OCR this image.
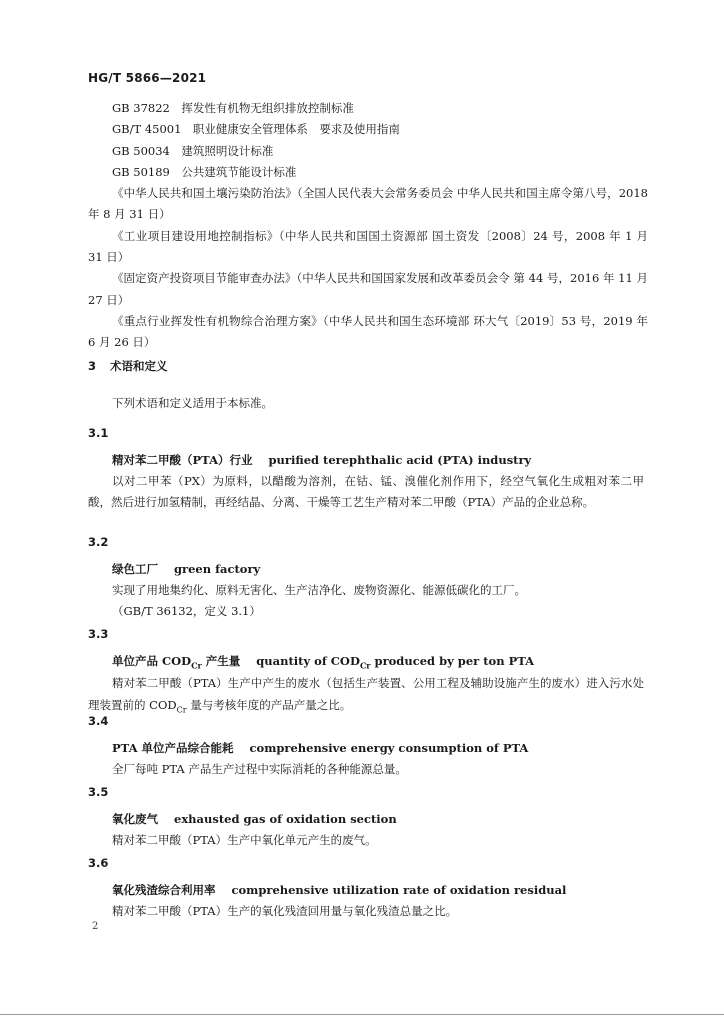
HG/T 5866—2021
GB 37822　挥发性有机物无组织排放控制标准
GB/T 45001　职业健康安全管理体系　要求及使用指南
GB 50034　建筑照明设计标准
GB 50189　公共建筑节能设计标准
《中华人民共和国土壤污染防治法》（全国人民代表大会常务委员会 中华人民共和国主席令第八号，2018 年 8 月 31 日）
《工业项目建设用地控制指标》（中华人民共和国国土资源部 国土资发〔2008〕24 号，2008 年 1 月 31 日）
《固定资产投资项目节能审查办法》（中华人民共和国国家发展和改革委员会令 第 44 号，2016 年 11 月 27 日）
《重点行业挥发性有机物综合治理方案》（中华人民共和国生态环境部 环大气〔2019〕53 号，2019 年 6 月 26 日）
3 术语和定义
下列术语和定义适用于本标准。
3.1
精对苯二甲酸（PTA）行业 purified terephthalic acid (PTA) industry
以对二甲苯（PX）为原料，以醋酸为溶剂，在钴、锰、溴催化剂作用下，经空气氧化生成粗对苯二甲酸，然后进行加氢精制，再经结晶、分离、干燥等工艺生产精对苯二甲酸（PTA）产品的企业总称。
3.2
绿色工厂 green factory
实现了用地集约化、原料无害化、生产洁净化、废物资源化、能源低碳化的工厂。
（GB/T 36132，定义 3.1）
3.3
单位产品 $COD_{Cr}$ 产生量 quantity of $COD_{Cr}$ produced by per ton PTA
精对苯二甲酸（PTA）生产中产生的废水（包括生产装置、公用工程及辅助设施产生的废水）进入污水处理装置前的 $COD_{Cr}$ 量与考核年度的产品产量之比。
3.4
PTA 单位产品综合能耗 comprehensive energy consumption of PTA
全厂每吨 PTA 产品生产过程中实际消耗的各种能源总量。
3.5
氧化废气 exhausted gas of oxidation section
精对苯二甲酸（PTA）生产中氧化单元产生的废气。
3.6
氧化残渣综合利用率 comprehensive utilization rate of oxidation residual
精对苯二甲酸（PTA）生产的氧化残渣回用量与氧化残渣总量之比。
2
